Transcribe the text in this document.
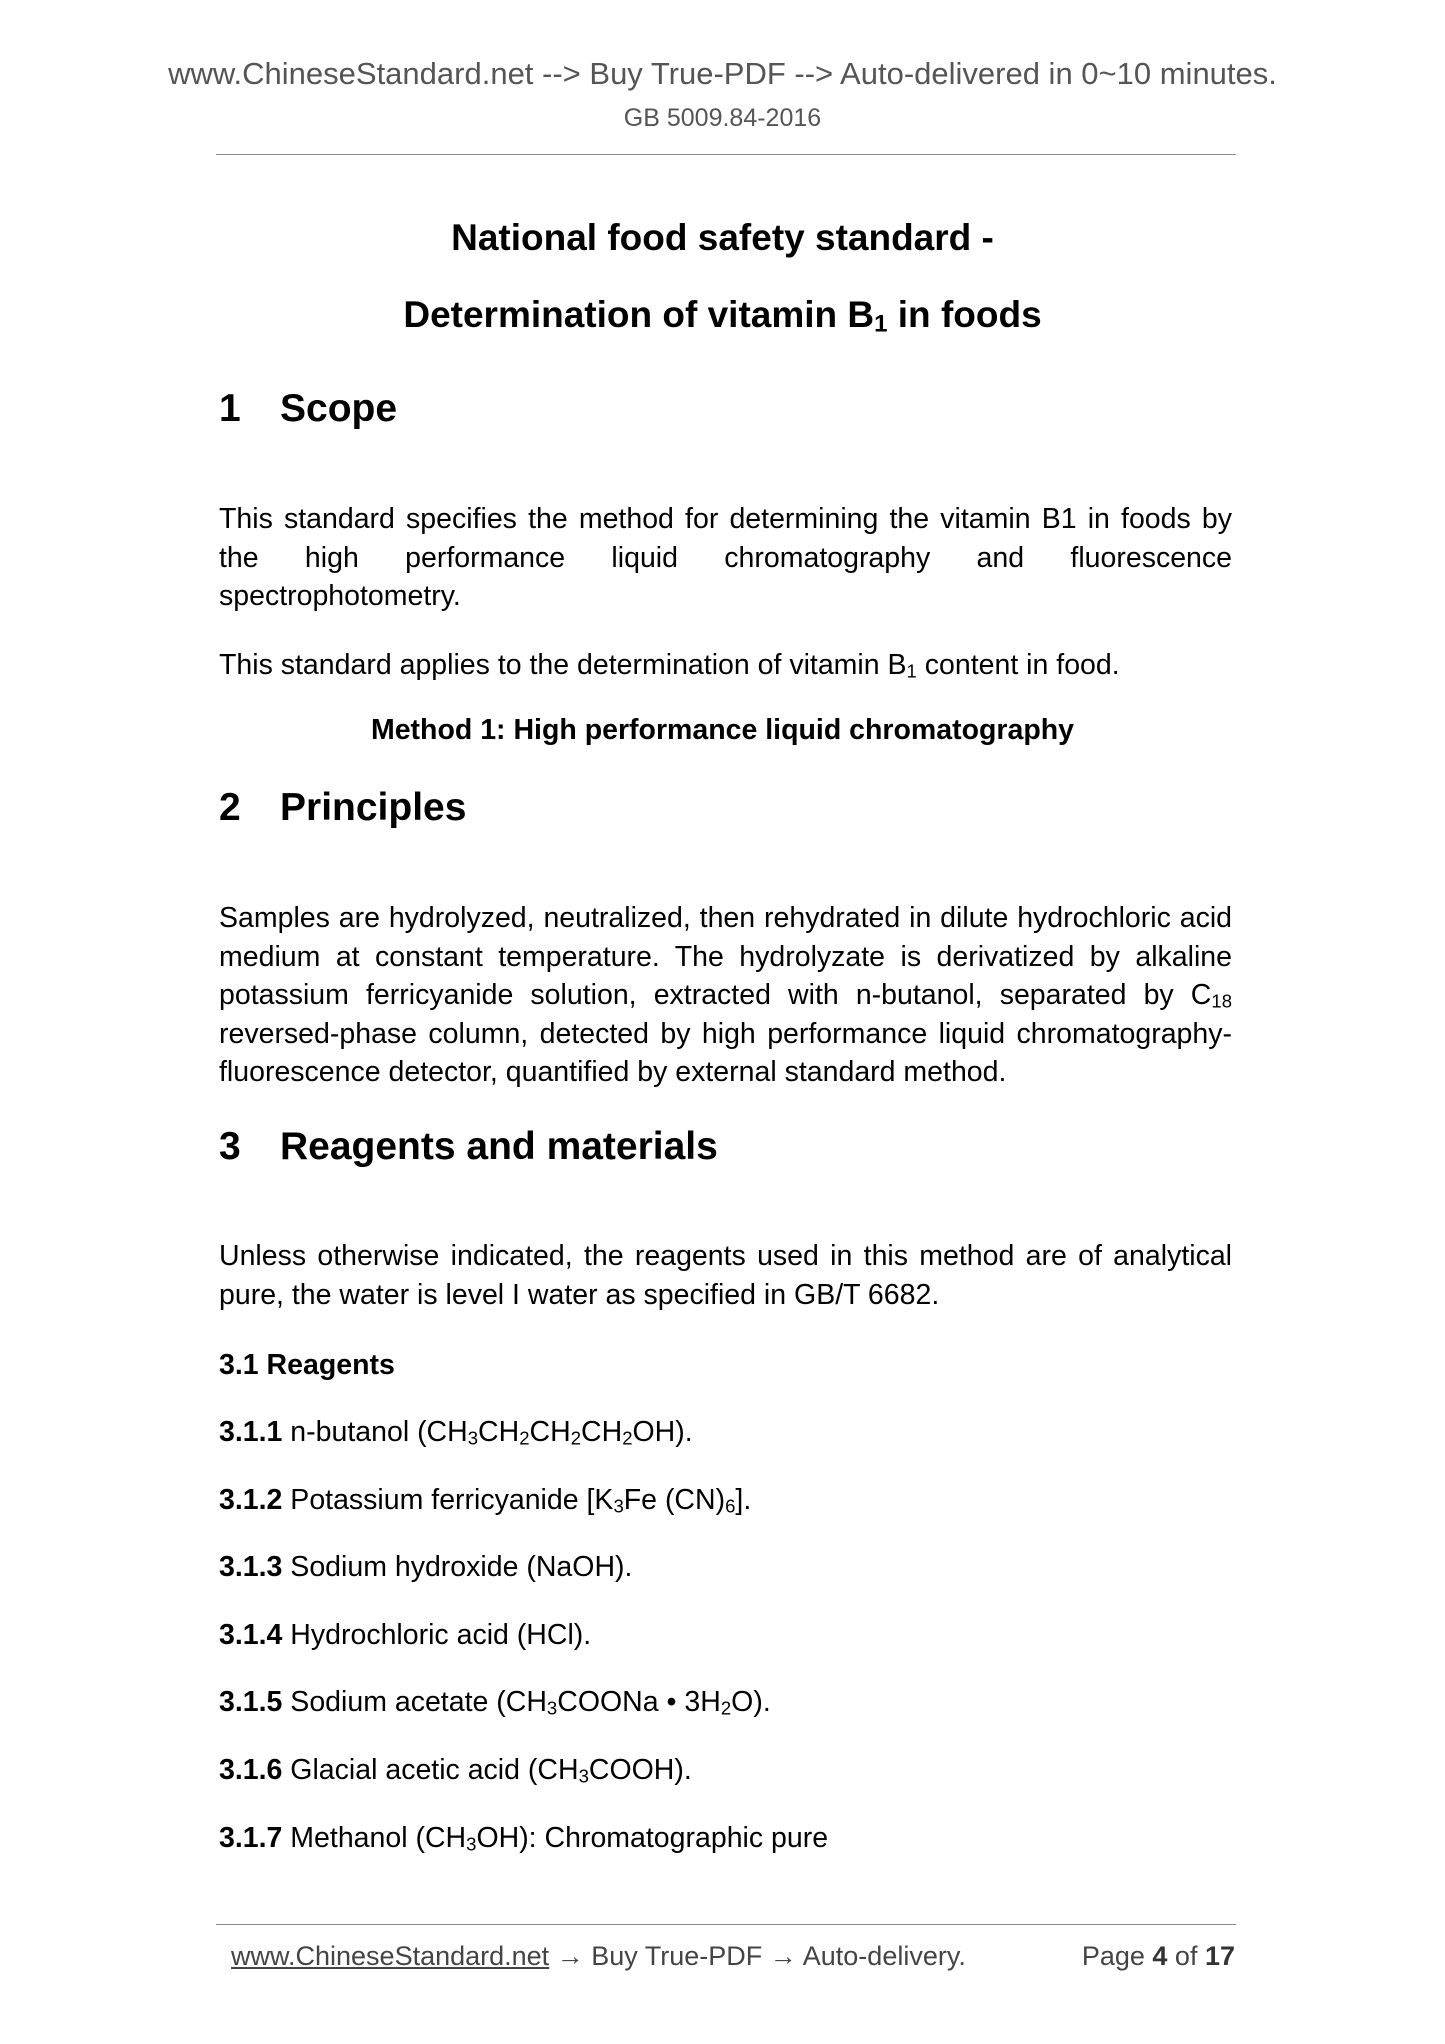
www.ChineseStandard.net --> Buy True-PDF --> Auto-delivered in 0~10 minutes.
GB 5009.84-2016
National food safety standard -
Determination of vitamin $B_1$ in foods
1 Scope
This standard specifies the method for determining the vitamin B1 in foods by the high performance liquid chromatography and fluorescence spectrophotometry.
This standard applies to the determination of vitamin $B_1$ content in food.
Method 1: High performance liquid chromatography
2 Principles
Samples are hydrolyzed, neutralized, then rehydrated in dilute hydrochloric acid medium at constant temperature. The hydrolyzate is derivatized by alkaline potassium ferricyanide solution, extracted with n-butanol, separated by $C_{18}$ reversed-phase column, detected by high performance liquid chromatography-fluorescence detector, quantified by external standard method.
3 Reagents and materials
Unless otherwise indicated, the reagents used in this method are of analytical pure, the water is level I water as specified in GB/T 6682.
3.1 Reagents
3.1.1 n-butanol $(CH_3CH_2CH_2CH_2OH)$.
3.1.2 Potassium ferricyanide [$K_3Fe$ $(CN)_6$].
3.1.3 Sodium hydroxide (NaOH).
3.1.4 Hydrochloric acid (HCl).
3.1.5 Sodium acetate ($CH_3COONa$ • $3H_2O$).
3.1.6 Glacial acetic acid $(CH_3COOH)$.
3.1.7 Methanol $(CH_3OH)$: Chromatographic pure
www.ChineseStandard.net → Buy True-PDF → Auto-delivery.	Page 4 of 17
